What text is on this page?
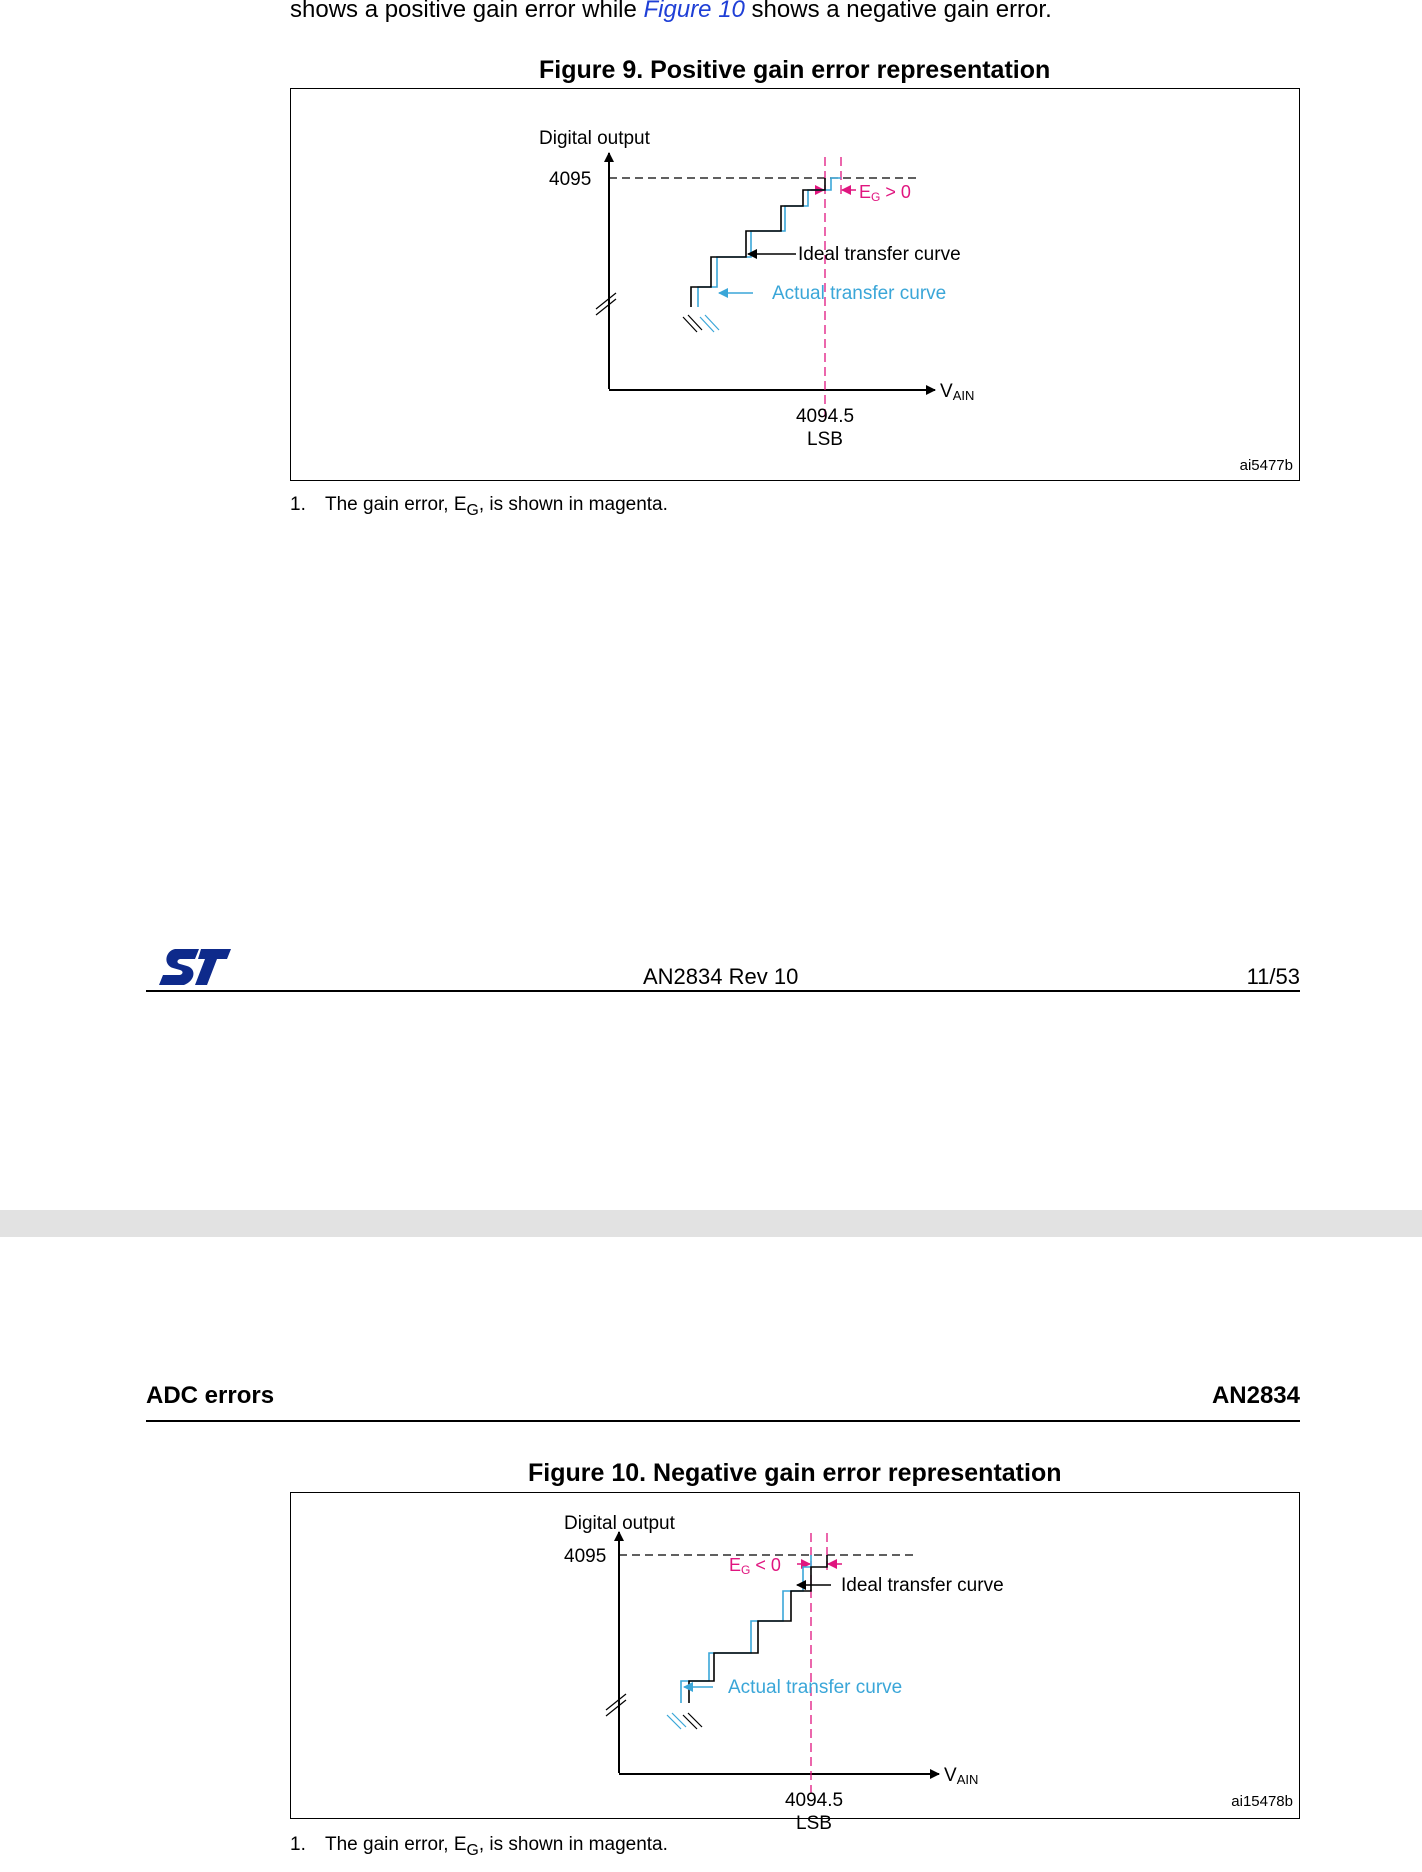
shows a positive gain error while Figure 10 shows a negative gain error.
Figure 9. Positive gain error representation
Digital output
4095
EG > 0
Ideal transfer curve
Actual transfer curve
VAIN
4094.5
LSB
ai5477b
1. The gain error, $E_G$, is shown in magenta.
AN2834 Rev 10	11/53
ADC errors	AN2834
Figure 10. Negative gain error representation
Digital output
4095	EG < 0
Ideal transfer curve
Actual transfer curve
VAIN
4094.5
LSB
ai15478b
1. The gain error, $E_G$, is shown in magenta.
